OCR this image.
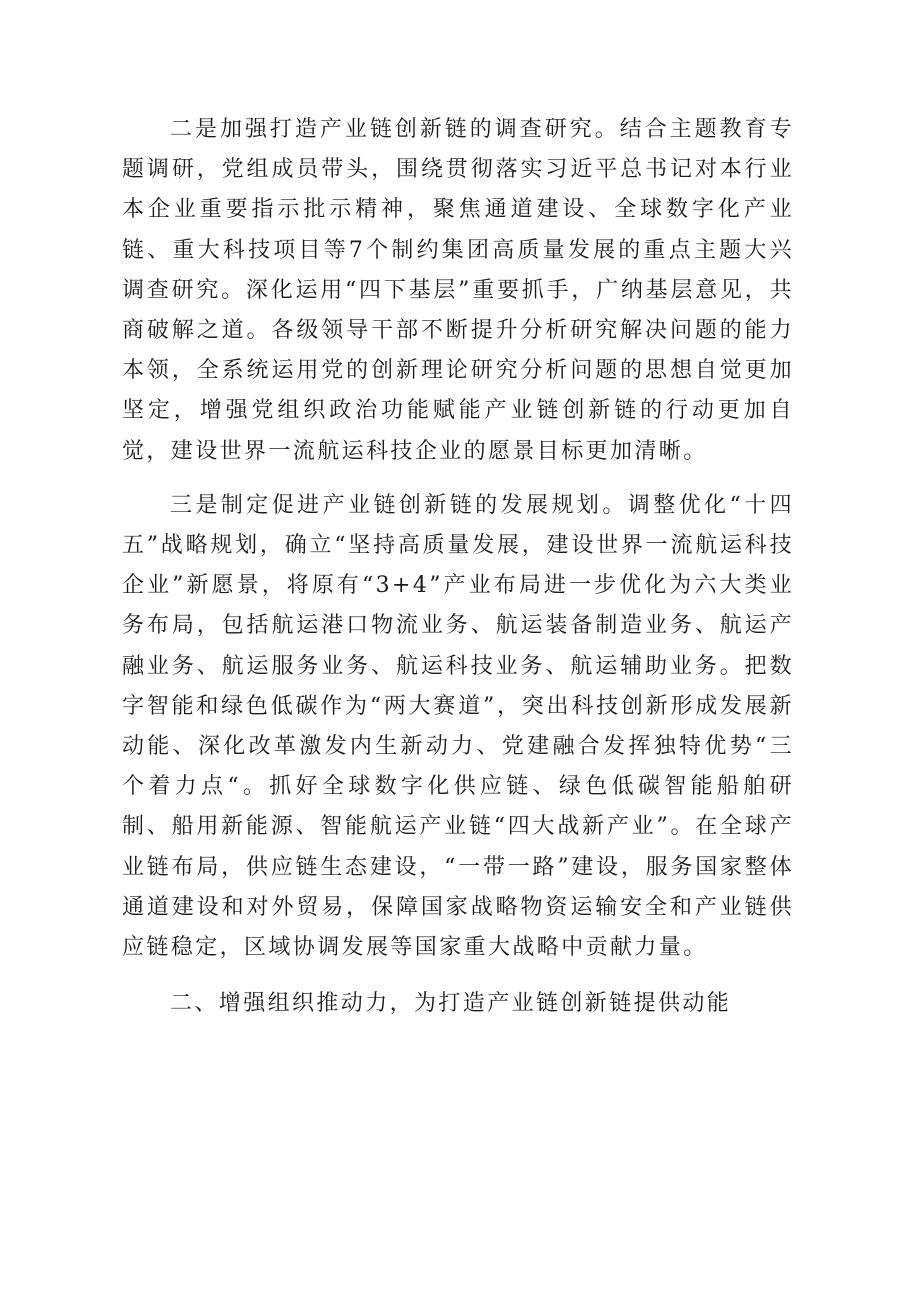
二是加强打造产业链创新链的调查研究。结合主题教育专题调研，党组成员带头，围绕贯彻落实习近平总书记对本行业本企业重要指示批示精神，聚焦通道建设、全球数字化产业链、重大科技项目等7个制约集团高质量发展的重点主题大兴调查研究。深化运用“四下基层”重要抓手，广纳基层意见，共商破解之道。各级领导干部不断提升分析研究解决问题的能力本领，全系统运用党的创新理论研究分析问题的思想自觉更加坚定，增强党组织政治功能赋能产业链创新链的行动更加自觉，建设世界一流航运科技企业的愿景目标更加清晰。

三是制定促进产业链创新链的发展规划。调整优化“十四五”战略规划，确立“坚持高质量发展，建设世界一流航运科技企业”新愿景，将原有“3+4”产业布局进一步优化为六大类业务布局，包括航运港口物流业务、航运装备制造业务、航运产融业务、航运服务业务、航运科技业务、航运辅助业务。把数字智能和绿色低碳作为“两大赛道”，突出科技创新形成发展新动能、深化改革激发内生新动力、党建融合发挥独特优势“三个着力点“。抓好全球数字化供应链、绿色低碳智能船舶研制、船用新能源、智能航运产业链“四大战新产业”。在全球产业链布局，供应链生态建设，“一带一路”建设，服务国家整体通道建设和对外贸易，保障国家战略物资运输安全和产业链供应链稳定，区域协调发展等国家重大战略中贡献力量。

二、增强组织推动力，为打造产业链创新链提供动能
